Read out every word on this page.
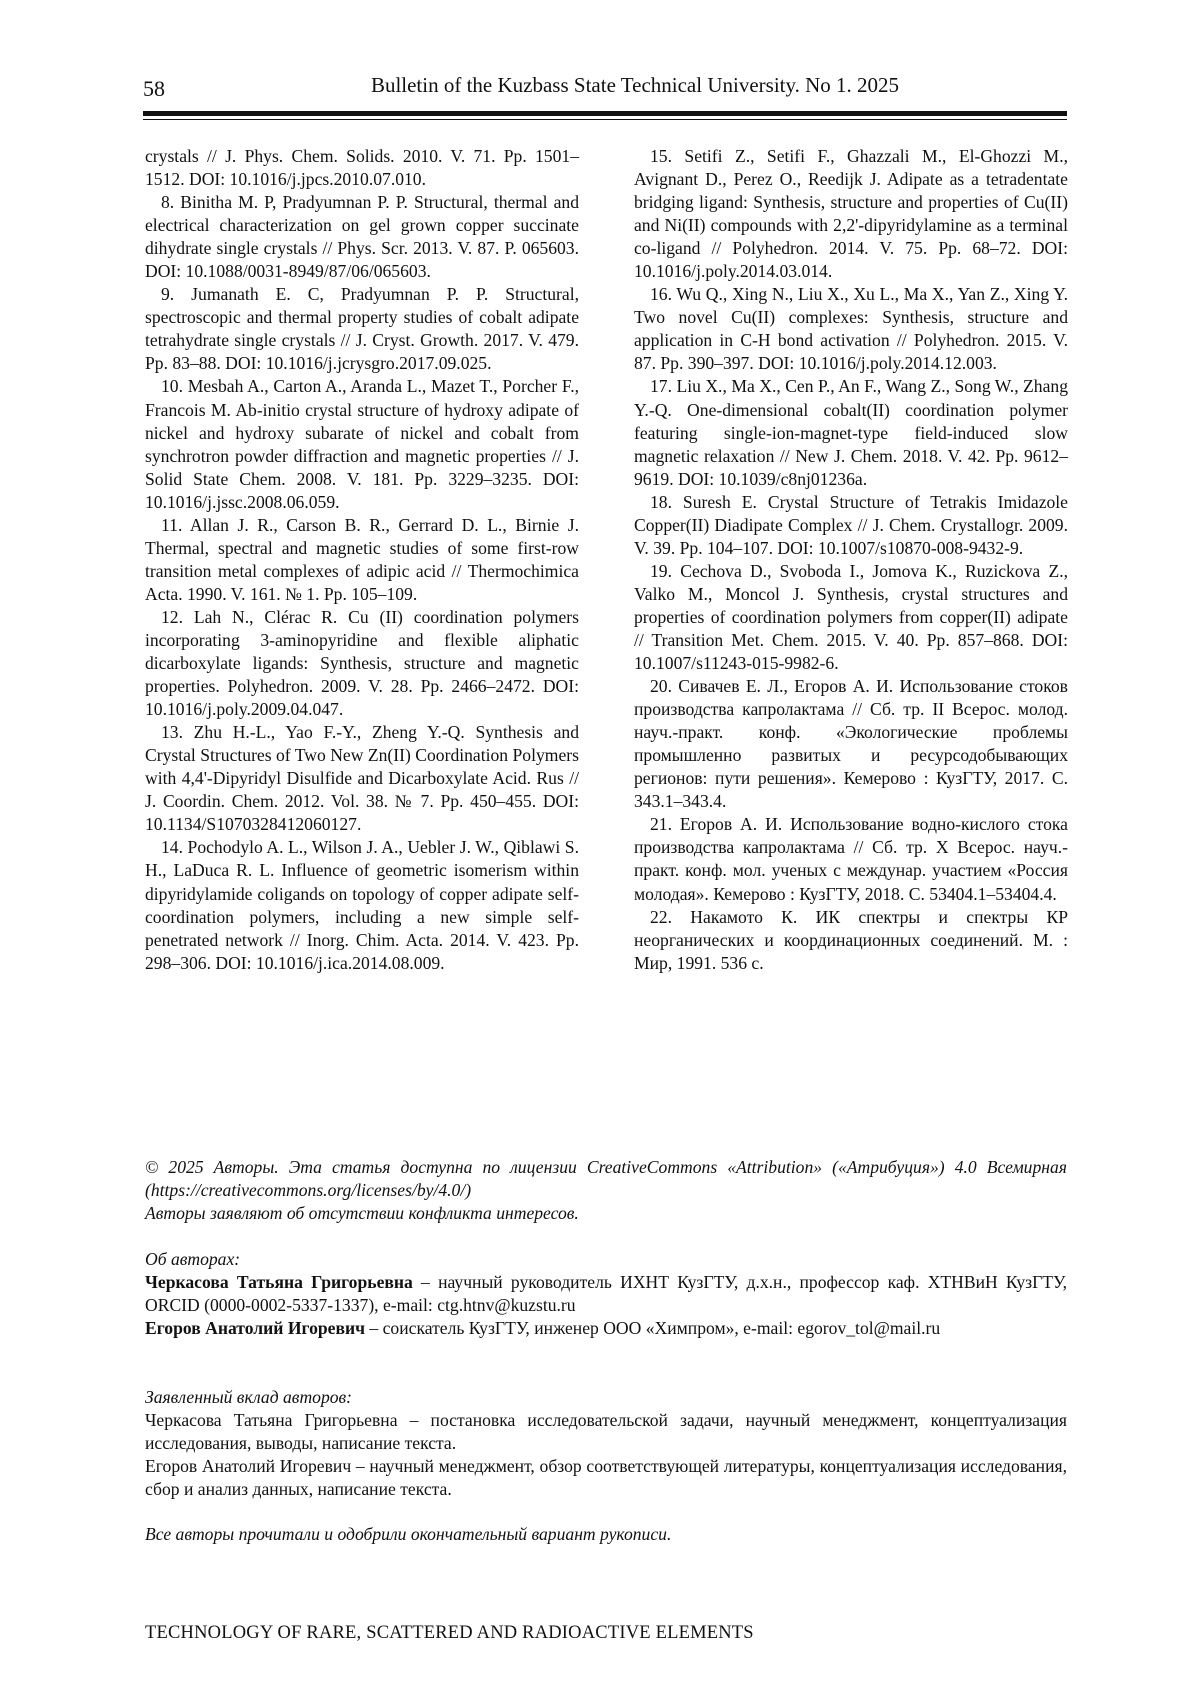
58	Bulletin of the Kuzbass State Technical University. No 1. 2025

crystals // J. Phys. Chem. Solids. 2010. V. 71. Pp. 1501–1512. DOI: 10.1016/j.jpcs.2010.07.010.

8. Binitha M. P, Pradyumnan P. P. Structural, thermal and electrical characterization on gel grown copper succinate dihydrate single crystals // Phys. Scr. 2013. V. 87. P. 065603. DOI: 10.1088/0031-8949/87/06/065603.

9. Jumanath E. C, Pradyumnan P. P. Structural, spectroscopic and thermal property studies of cobalt adipate tetrahydrate single crystals // J. Cryst. Growth. 2017. V. 479. Pp. 83–88. DOI: 10.1016/j.jcrysgro.2017.09.025.

10. Mesbah A., Carton A., Aranda L., Mazet T., Porcher F., Francois M. Ab-initio crystal structure of hydroxy adipate of nickel and hydroxy subarate of nickel and cobalt from synchrotron powder diffraction and magnetic properties // J. Solid State Chem. 2008. V. 181. Pp. 3229–3235. DOI: 10.1016/j.jssc.2008.06.059.

11. Allan J. R., Carson B. R., Gerrard D. L., Birnie J. Thermal, spectral and magnetic studies of some first-row transition metal complexes of adipic acid // Thermochimica Acta. 1990. V. 161. № 1. Pp. 105–109.

12. Lah N., Clérac R. Cu (II) coordination polymers incorporating 3-aminopyridine and flexible aliphatic dicarboxylate ligands: Synthesis, structure and magnetic properties. Polyhedron. 2009. V. 28. Pp. 2466–2472. DOI: 10.1016/j.poly.2009.04.047.

13. Zhu H.-L., Yao F.-Y., Zheng Y.-Q. Synthesis and Crystal Structures of Two New Zn(II) Coordination Polymers with 4,4'-Dipyridyl Disulfide and Dicarboxylate Acid. Rus // J. Coordin. Chem. 2012. Vol. 38. № 7. Pp. 450–455. DOI: 10.1134/S1070328412060127.

14. Pochodylo A. L., Wilson J. A., Uebler J. W., Qiblawi S. H., LaDuca R. L. Influence of geometric isomerism within dipyridylamide coligands on topology of copper adipate self-coordination polymers, including a new simple self-penetrated network // Inorg. Chim. Acta. 2014. V. 423. Pp. 298–306. DOI: 10.1016/j.ica.2014.08.009.

15. Setifi Z., Setifi F., Ghazzali M., El-Ghozzi M., Avignant D., Perez O., Reedijk J. Adipate as a tetradentate bridging ligand: Synthesis, structure and properties of Cu(II) and Ni(II) compounds with 2,2'-dipyridylamine as a terminal co-ligand // Polyhedron. 2014. V. 75. Pp. 68–72. DOI: 10.1016/j.poly.2014.03.014.

16. Wu Q., Xing N., Liu X., Xu L., Ma X., Yan Z., Xing Y. Two novel Cu(II) complexes: Synthesis, structure and application in C-H bond activation // Polyhedron. 2015. V. 87. Pp. 390–397. DOI: 10.1016/j.poly.2014.12.003.

17. Liu X., Ma X., Cen P., An F., Wang Z., Song W., Zhang Y.-Q. One-dimensional cobalt(II) coordination polymer featuring single-ion-magnet-type field-induced slow magnetic relaxation // New J. Chem. 2018. V. 42. Pp. 9612–9619. DOI: 10.1039/c8nj01236a.

18. Suresh E. Crystal Structure of Tetrakis Imidazole Copper(II) Diadipate Complex // J. Chem. Crystallogr. 2009. V. 39. Pp. 104–107. DOI: 10.1007/s10870-008-9432-9.

19. Cechova D., Svoboda I., Jomova K., Ruzickova Z., Valko M., Moncol J. Synthesis, crystal structures and properties of coordination polymers from copper(II) adipate // Transition Met. Chem. 2015. V. 40. Pp. 857–868. DOI: 10.1007/s11243-015-9982-6.

20. Сивачев Е. Л., Егоров А. И. Использование стоков производства капролактама // Сб. тр. II Всерос. молод. науч.-практ. конф. «Экологические проблемы промышленно развитых и ресурсодобывающих регионов: пути решения». Кемерово : КузГТУ, 2017. С. 343.1–343.4.

21. Егоров А. И. Использование водно-кислого стока производства капролактама // Сб. тр. X Всерос. науч.-практ. конф. мол. ученых с междунар. участием «Россия молодая». Кемерово : КузГТУ, 2018. С. 53404.1–53404.4.

22. Накамото К. ИК спектры и спектры КР неорганических и координационных соединений. М. : Мир, 1991. 536 с.

© 2025 Авторы. Эта статья доступна по лицензии CreativeCommons «Attribution» («Атрибуция») 4.0 Всемирная (https://creativecommons.org/licenses/by/4.0/)

Авторы заявляют об отсутствии конфликта интересов.

Об авторах:

Черкасова Татьяна Григорьевна – научный руководитель ИХНТ КузГТУ, д.х.н., профессор каф. ХТНВиН КузГТУ, ORCID (0000-0002-5337-1337), e-mail: ctg.htnv@kuzstu.ru

Егоров Анатолий Игоревич – соискатель КузГТУ, инженер ООО «Химпром», e-mail: egorov_tol@mail.ru

Заявленный вклад авторов:

Черкасова Татьяна Григорьевна – постановка исследовательской задачи, научный менеджмент, концептуализация исследования, выводы, написание текста.

Егоров Анатолий Игоревич – научный менеджмент, обзор соответствующей литературы, концептуализация исследования, сбор и анализ данных, написание текста.

Все авторы прочитали и одобрили окончательный вариант рукописи.
TECHNOLOGY OF RARE, SCATTERED AND RADIOACTIVE ELEMENTS
